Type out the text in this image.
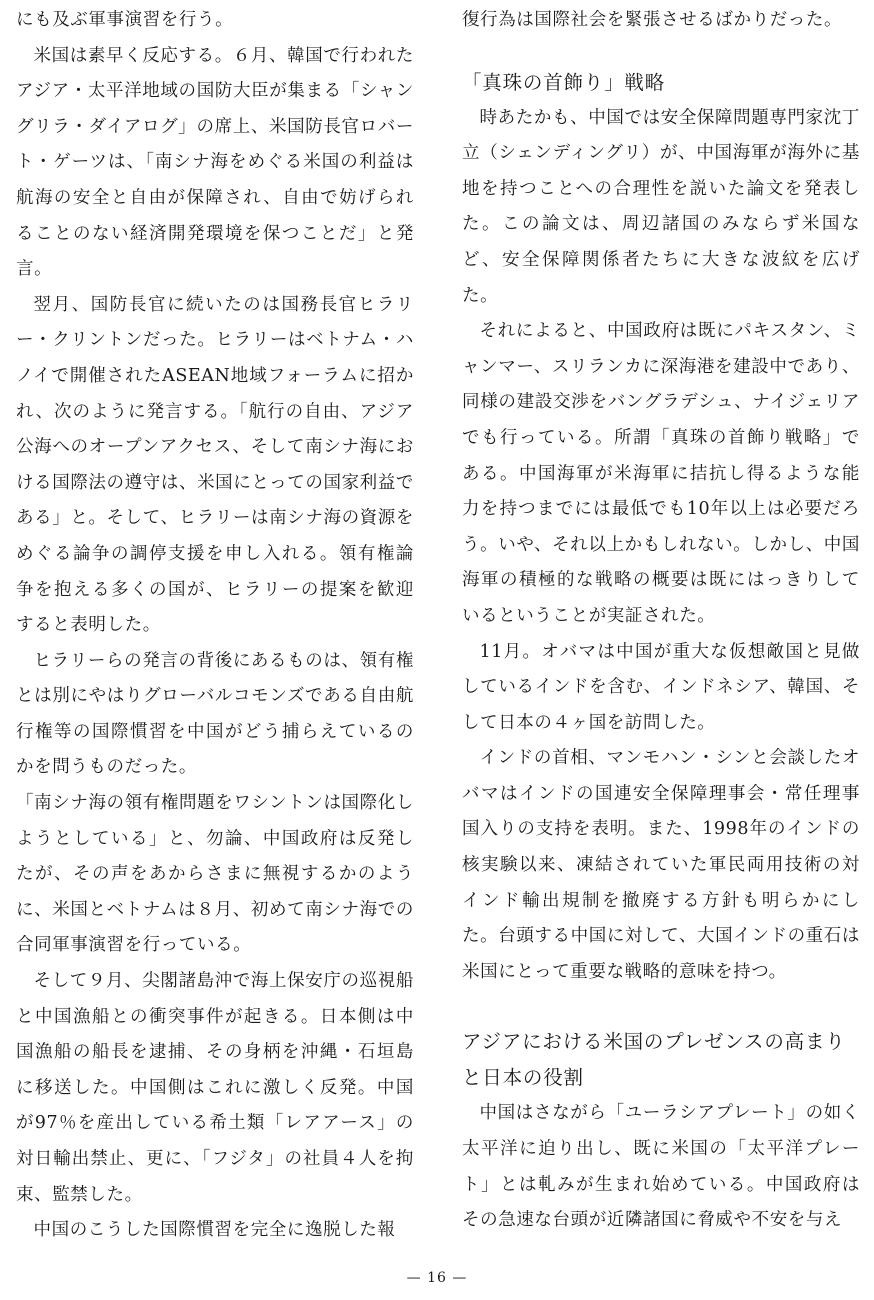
にも及ぶ軍事演習を行う。

米国は素早く反応する。６月、韓国で行われたアジア・太平洋地域の国防大臣が集まる「シャングリラ・ダイアログ」の席上、米国防長官ロバート・ゲーツは、「南シナ海をめぐる米国の利益は航海の安全と自由が保障され、自由で妨げられることのない経済開発環境を保つことだ」と発言。

翌月、国防長官に続いたのは国務長官ヒラリー・クリントンだった。ヒラリーはベトナム・ハノイで開催されたASEAN地域フォーラムに招かれ、次のように発言する。「航行の自由、アジア公海へのオープンアクセス、そして南シナ海における国際法の遵守は、米国にとっての国家利益である」と。そして、ヒラリーは南シナ海の資源をめぐる論争の調停支援を申し入れる。領有権論争を抱える多くの国が、ヒラリーの提案を歓迎すると表明した。

ヒラリーらの発言の背後にあるものは、領有権とは別にやはりグローバルコモンズである自由航行権等の国際慣習を中国がどう捕らえているのかを問うものだった。

「南シナ海の領有権問題をワシントンは国際化しようとしている」と、勿論、中国政府は反発したが、その声をあからさまに無視するかのように、米国とベトナムは８月、初めて南シナ海での合同軍事演習を行っている。

そして９月、尖閣諸島沖で海上保安庁の巡視船と中国漁船との衝突事件が起きる。日本側は中国漁船の船長を逮捕、その身柄を沖縄・石垣島に移送した。中国側はこれに激しく反発。中国が97％を産出している希土類「レアアース」の対日輸出禁止、更に、「フジタ」の社員４人を拘束、監禁した。

中国のこうした国際慣習を完全に逸脱した報

復行為は国際社会を緊張させるばかりだった。

「真珠の首飾り」戦略

時あたかも、中国では安全保障問題専門家沈丁立（シェンディングリ）が、中国海軍が海外に基地を持つことへの合理性を説いた論文を発表した。この論文は、周辺諸国のみならず米国など、安全保障関係者たちに大きな波紋を広げた。

それによると、中国政府は既にパキスタン、ミャンマー、スリランカに深海港を建設中であり、同様の建設交渉をバングラデシュ、ナイジェリアでも行っている。所謂「真珠の首飾り戦略」である。中国海軍が米海軍に拮抗し得るような能力を持つまでには最低でも10年以上は必要だろう。いや、それ以上かもしれない。しかし、中国海軍の積極的な戦略の概要は既にはっきりしているということが実証された。

11月。オバマは中国が重大な仮想敵国と見做しているインドを含む、インドネシア、韓国、そして日本の４ヶ国を訪問した。

インドの首相、マンモハン・シンと会談したオバマはインドの国連安全保障理事会・常任理事国入りの支持を表明。また、1998年のインドの核実験以来、凍結されていた軍民両用技術の対インド輸出規制を撤廃する方針も明らかにした。台頭する中国に対して、大国インドの重石は米国にとって重要な戦略的意味を持つ。

アジアにおける米国のプレゼンスの高まりと日本の役割

中国はさながら「ユーラシアプレート」の如く太平洋に迫り出し、既に米国の「太平洋プレート」とは軋みが生まれ始めている。中国政府はその急速な台頭が近隣諸国に脅威や不安を与え

— 16 —
